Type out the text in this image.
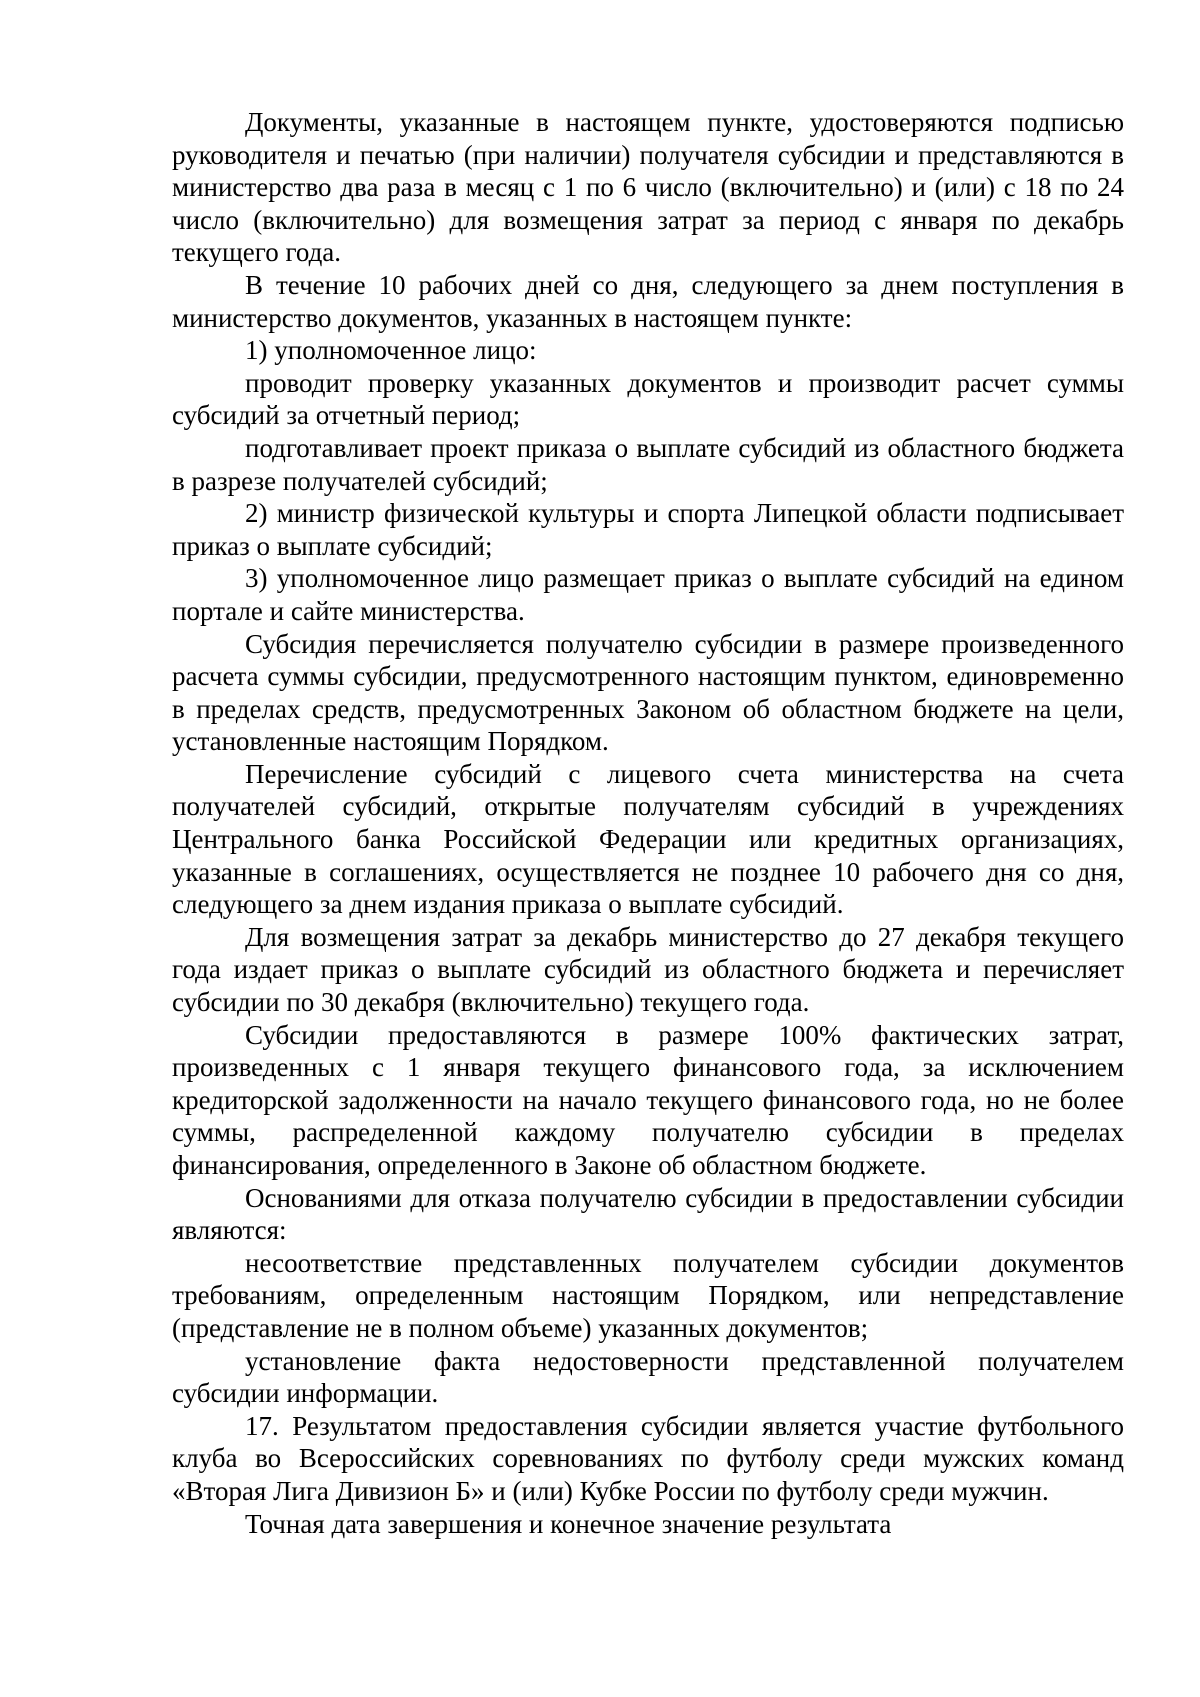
Документы, указанные в настоящем пункте, удостоверяются подписью руководителя и печатью (при наличии) получателя субсидии и представляются в министерство два раза в месяц с 1 по 6 число (включительно) и (или) с 18 по 24 число (включительно) для возмещения затрат за период с января по декабрь текущего года.

В течение 10 рабочих дней со дня, следующего за днем поступления в министерство документов, указанных в настоящем пункте:

1) уполномоченное лицо:

проводит проверку указанных документов и производит расчет суммы субсидий за отчетный период;

подготавливает проект приказа о выплате субсидий из областного бюджета в разрезе получателей субсидий;

2) министр физической культуры и спорта Липецкой области подписывает приказ о выплате субсидий;

3) уполномоченное лицо размещает приказ о выплате субсидий на едином портале и сайте министерства.

Субсидия перечисляется получателю субсидии в размере произведенного расчета суммы субсидии, предусмотренного настоящим пунктом, единовременно в пределах средств, предусмотренных Законом об областном бюджете на цели, установленные настоящим Порядком.

Перечисление субсидий с лицевого счета министерства на счета получателей субсидий, открытые получателям субсидий в учреждениях Центрального банка Российской Федерации или кредитных организациях, указанные в соглашениях, осуществляется не позднее 10 рабочего дня со дня, следующего за днем издания приказа о выплате субсидий.

Для возмещения затрат за декабрь министерство до 27 декабря текущего года издает приказ о выплате субсидий из областного бюджета и перечисляет субсидии по 30 декабря (включительно) текущего года.

Субсидии предоставляются в размере 100% фактических затрат, произведенных с 1 января текущего финансового года, за исключением кредиторской задолженности на начало текущего финансового года, но не более суммы, распределенной каждому получателю субсидии в пределах финансирования, определенного в Законе об областном бюджете.

Основаниями для отказа получателю субсидии в предоставлении субсидии являются:

несоответствие представленных получателем субсидии документов требованиям, определенным настоящим Порядком, или непредставление (представление не в полном объеме) указанных документов;

установление факта недостоверности представленной получателем субсидии информации.

17. Результатом предоставления субсидии является участие футбольного клуба во Всероссийских соревнованиях по футболу среди мужских команд «Вторая Лига Дивизион Б» и (или) Кубке России по футболу среди мужчин.

Точная дата завершения и конечное значение результата
